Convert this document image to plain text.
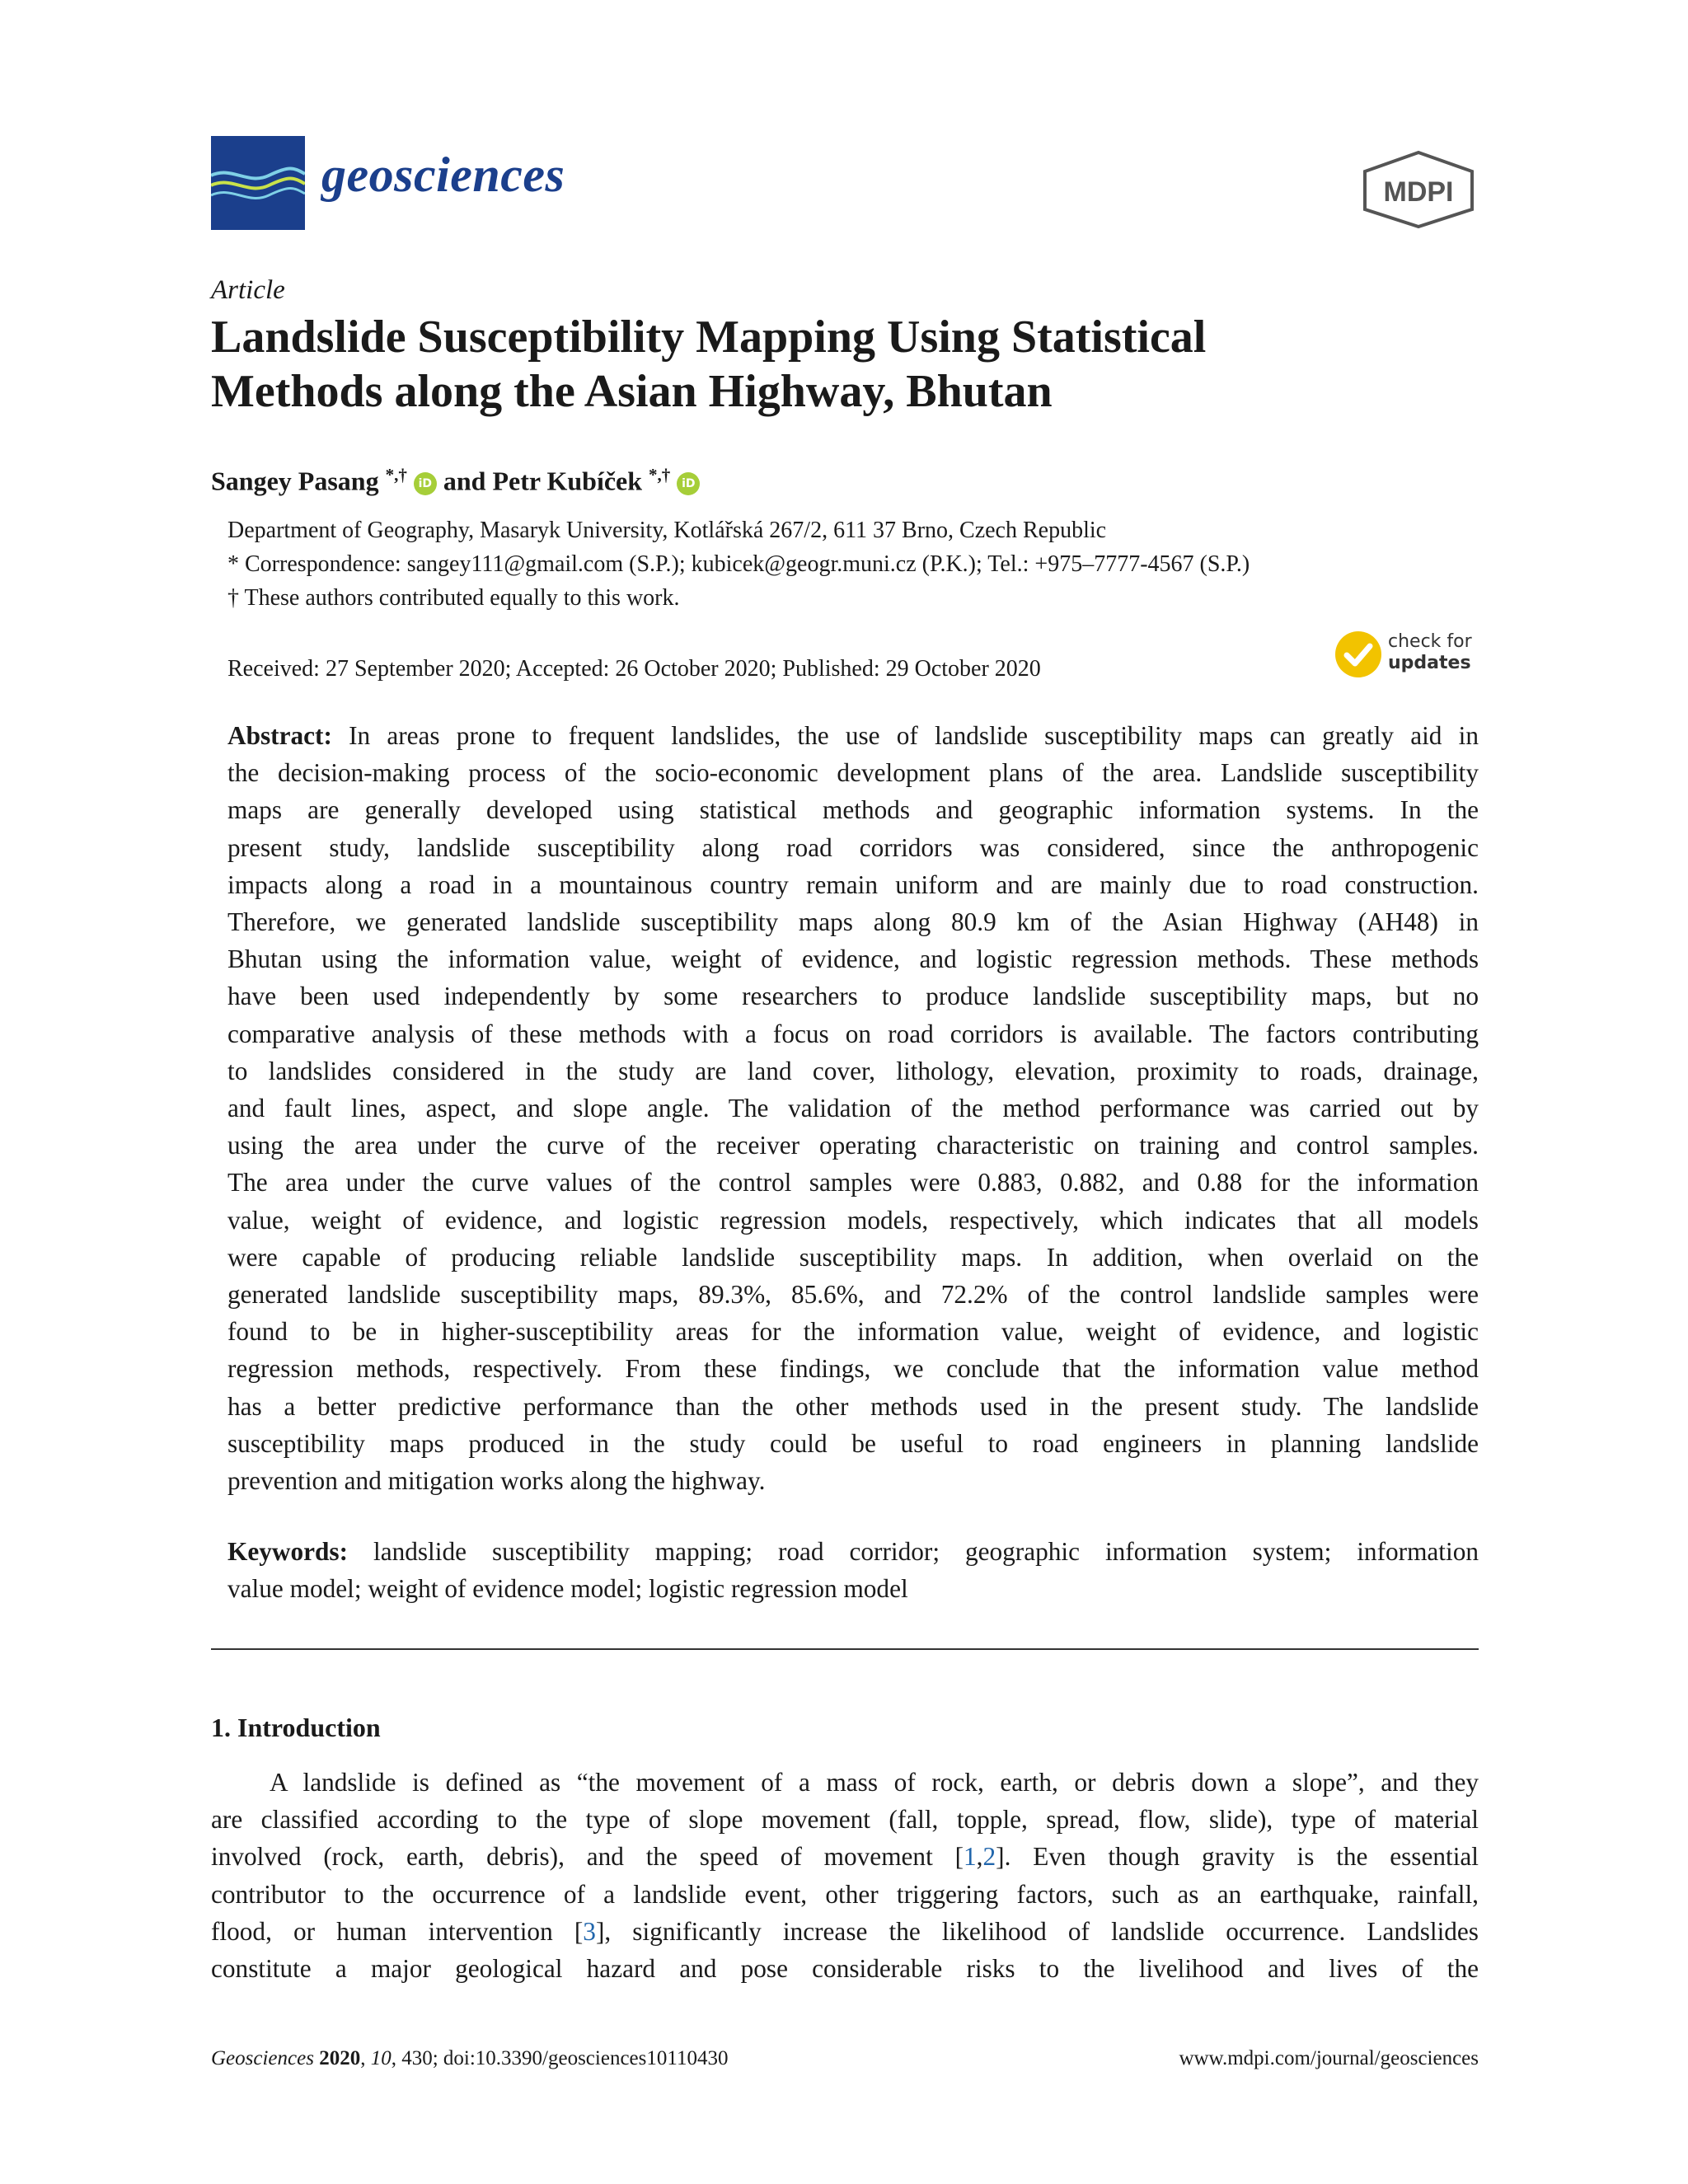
geosciences	MDPI
Article
Landslide Susceptibility Mapping Using Statistical
Methods along the Asian Highway, Bhutan
Sangey Pasang *,† iD and Petr Kubíček *,† iD
Department of Geography, Masaryk University, Kotlářská 267/2, 611 37 Brno, Czech Republic
* Correspondence: sangey111@gmail.com (S.P.); kubicek@geogr.muni.cz (P.K.); Tel.: +975–7777-4567 (S.P.)
† These authors contributed equally to this work.
Received: 27 September 2020; Accepted: 26 October 2020; Published: 29 October 2020
check for
updates
Abstract: In areas prone to frequent landslides, the use of landslide susceptibility maps can greatly aid in
the decision-making process of the socio-economic development plans of the area. Landslide susceptibility
maps are generally developed using statistical methods and geographic information systems. In the
present study, landslide susceptibility along road corridors was considered, since the anthropogenic
impacts along a road in a mountainous country remain uniform and are mainly due to road construction.
Therefore, we generated landslide susceptibility maps along 80.9 km of the Asian Highway (AH48) in
Bhutan using the information value, weight of evidence, and logistic regression methods. These methods
have been used independently by some researchers to produce landslide susceptibility maps, but no
comparative analysis of these methods with a focus on road corridors is available. The factors contributing
to landslides considered in the study are land cover, lithology, elevation, proximity to roads, drainage,
and fault lines, aspect, and slope angle. The validation of the method performance was carried out by
using the area under the curve of the receiver operating characteristic on training and control samples.
The area under the curve values of the control samples were 0.883, 0.882, and 0.88 for the information
value, weight of evidence, and logistic regression models, respectively, which indicates that all models
were capable of producing reliable landslide susceptibility maps. In addition, when overlaid on the
generated landslide susceptibility maps, 89.3%, 85.6%, and 72.2% of the control landslide samples were
found to be in higher-susceptibility areas for the information value, weight of evidence, and logistic
regression methods, respectively. From these findings, we conclude that the information value method
has a better predictive performance than the other methods used in the present study. The landslide
susceptibility maps produced in the study could be useful to road engineers in planning landslide
prevention and mitigation works along the highway.
Keywords: landslide susceptibility mapping; road corridor; geographic information system; information
value model; weight of evidence model; logistic regression model
1. Introduction
A landslide is defined as “the movement of a mass of rock, earth, or debris down a slope”, and they
are classified according to the type of slope movement (fall, topple, spread, flow, slide), type of material
involved (rock, earth, debris), and the speed of movement [1,2]. Even though gravity is the essential
contributor to the occurrence of a landslide event, other triggering factors, such as an earthquake, rainfall,
flood, or human intervention [3], significantly increase the likelihood of landslide occurrence. Landslides
constitute a major geological hazard and pose considerable risks to the livelihood and lives of the
Geosciences 2020, 10, 430; doi:10.3390/geosciences10110430	www.mdpi.com/journal/geosciences
